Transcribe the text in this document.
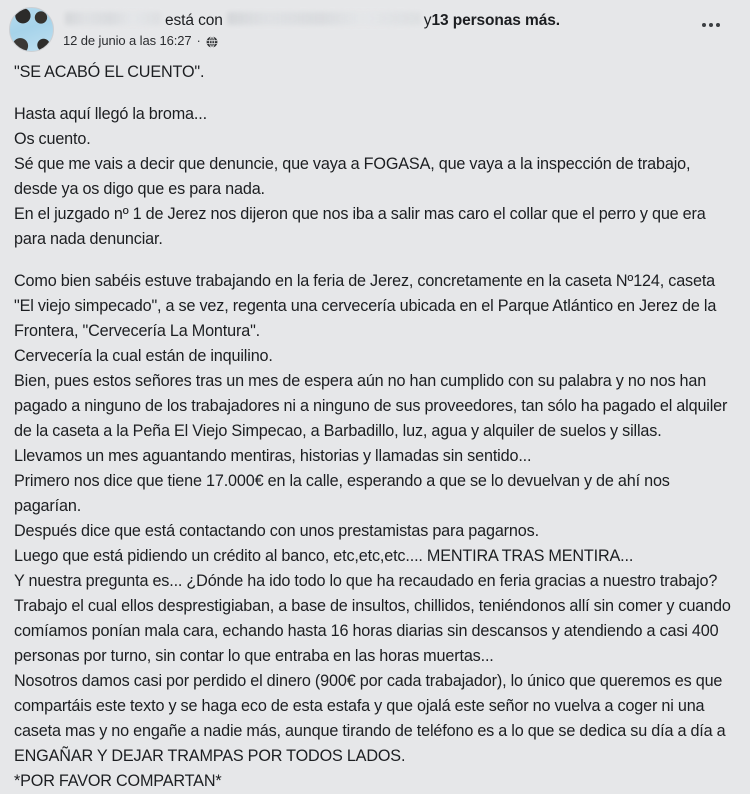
está con	y 13 personas más.
12 de junio a las 16:27 ·

"SE ACABÓ EL CUENTO".

Hasta aquí llegó la broma...
Os cuento.
Sé que me vais a decir que denuncie, que vaya a FOGASA, que vaya a la inspección de trabajo, desde ya os digo que es para nada.
En el juzgado nº 1 de Jerez nos dijeron que nos iba a salir mas caro el collar que el perro y que era para nada denunciar.

Como bien sabéis estuve trabajando en la feria de Jerez, concretamente en la caseta Nº124, caseta "El viejo simpecado", a se vez, regenta una cervecería ubicada en el Parque Atlántico en Jerez de la Frontera, "Cervecería La Montura".
Cervecería la cual están de inquilino.
Bien, pues estos señores tras un mes de espera aún no han cumplido con su palabra y no nos han pagado a ninguno de los trabajadores ni a ninguno de sus proveedores, tan sólo ha pagado el alquiler de la caseta a la Peña El Viejo Simpecao, a Barbadillo, luz, agua y alquiler de suelos y sillas.
Llevamos un mes aguantando mentiras, historias y llamadas sin sentido...
Primero nos dice que tiene 17.000€ en la calle, esperando a que se lo devuelvan y de ahí nos pagarían.
Después dice que está contactando con unos prestamistas para pagarnos.
Luego que está pidiendo un crédito al banco, etc,etc,etc.... MENTIRA TRAS MENTIRA...
Y nuestra pregunta es... ¿Dónde ha ido todo lo que ha recaudado en feria gracias a nuestro trabajo?
Trabajo el cual ellos desprestigiaban, a base de insultos, chillidos, teniéndonos allí sin comer y cuando comíamos ponían mala cara, echando hasta 16 horas diarias sin descansos y atendiendo a casi 400 personas por turno, sin contar lo que entraba en las horas muertas...
Nosotros damos casi por perdido el dinero (900€ por cada trabajador), lo único que queremos es que compartáis este texto y se haga eco de esta estafa y que ojalá este señor no vuelva a coger ni una caseta mas y no engañe a nadie más, aunque tirando de teléfono es a lo que se dedica su día a día a ENGAÑAR Y DEJAR TRAMPAS POR TODOS LADOS.
*POR FAVOR COMPARTAN*
